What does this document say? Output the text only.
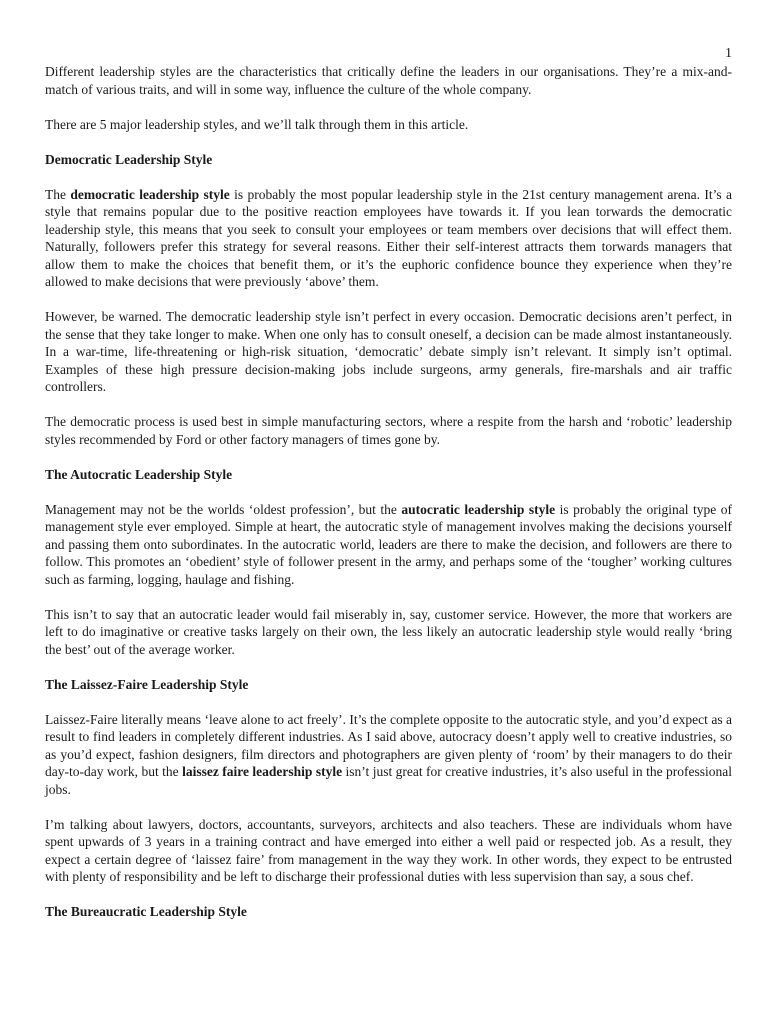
1

Different leadership styles are the characteristics that critically define the leaders in our organisations. They’re a mix-and-match of various traits, and will in some way, influence the culture of the whole company.

There are 5 major leadership styles, and we’ll talk through them in this article.

Democratic Leadership Style

The democratic leadership style is probably the most popular leadership style in the 21st century management arena. It’s a style that remains popular due to the positive reaction employees have towards it. If you lean torwards the democratic leadership style, this means that you seek to consult your employees or team members over decisions that will effect them. Naturally, followers prefer this strategy for several reasons. Either their self-interest attracts them torwards managers that allow them to make the choices that benefit them, or it’s the euphoric confidence bounce they experience when they’re allowed to make decisions that were previously ‘above’ them.

However, be warned. The democratic leadership style isn’t perfect in every occasion. Democratic decisions aren’t perfect, in the sense that they take longer to make. When one only has to consult oneself, a decision can be made almost instantaneously. In a war-time, life-threatening or high-risk situation, ‘democratic’ debate simply isn’t relevant. It simply isn’t optimal. Examples of these high pressure decision-making jobs include surgeons, army generals, fire-marshals and air traffic controllers.

The democratic process is used best in simple manufacturing sectors, where a respite from the harsh and ‘robotic’ leadership styles recommended by Ford or other factory managers of times gone by.

The Autocratic Leadership Style

Management may not be the worlds ‘oldest profession’, but the autocratic leadership style is probably the original type of management style ever employed. Simple at heart, the autocratic style of management involves making the decisions yourself and passing them onto subordinates. In the autocratic world, leaders are there to make the decision, and followers are there to follow. This promotes an ‘obedient’ style of follower present in the army, and perhaps some of the ‘tougher’ working cultures such as farming, logging, haulage and fishing.

This isn’t to say that an autocratic leader would fail miserably in, say, customer service. However, the more that workers are left to do imaginative or creative tasks largely on their own, the less likely an autocratic leadership style would really ‘bring the best’ out of the average worker.

The Laissez-Faire Leadership Style

Laissez-Faire literally means ‘leave alone to act freely’. It’s the complete opposite to the autocratic style, and you’d expect as a result to find leaders in completely different industries. As I said above, autocracy doesn’t apply well to creative industries, so as you’d expect, fashion designers, film directors and photographers are given plenty of ‘room’ by their managers to do their day-to-day work, but the laissez faire leadership style isn’t just great for creative industries, it’s also useful in the professional jobs.

I’m talking about lawyers, doctors, accountants, surveyors, architects and also teachers. These are individuals whom have spent upwards of 3 years in a training contract and have emerged into either a well paid or respected job. As a result, they expect a certain degree of ‘laissez faire’ from management in the way they work. In other words, they expect to be entrusted with plenty of responsibility and be left to discharge their professional duties with less supervision than say, a sous chef.

The Bureaucratic Leadership Style
